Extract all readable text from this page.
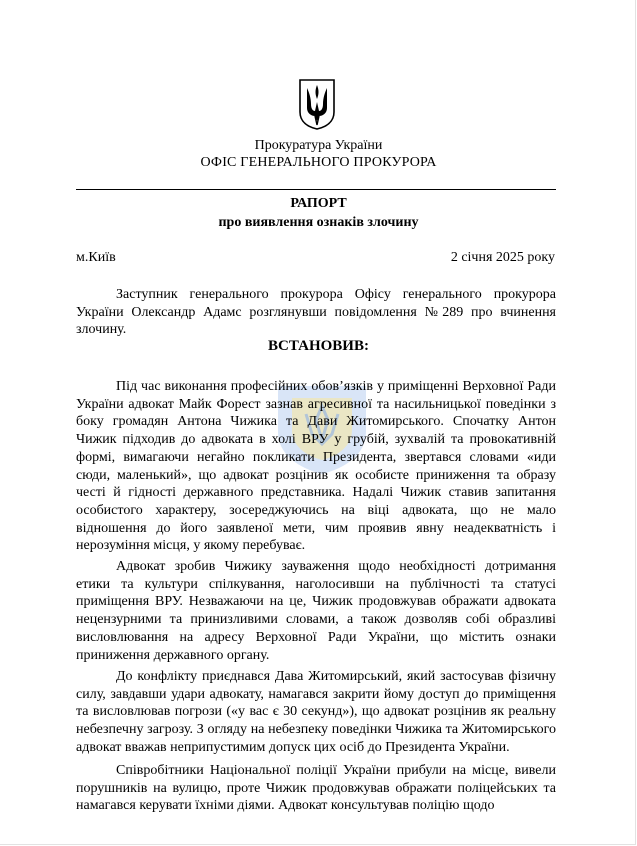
Прокуратура України
ОФІС ГЕНЕРАЛЬНОГО ПРОКУРОРА
РАПОРТ
про виявлення ознаків злочину
м.Київ	2 січня 2025 року

Заступник генерального прокурора Офісу генерального прокурора України Олександр Адамс розглянувши повідомлення №289 про вчинення злочину.

ВСТАНОВИВ:

Під час виконання професійних обов’язків у приміщенні Верховної Ради України адвокат Майк Форест зазнав агресивної та насильницької поведінки з боку громадян Антона Чижика та Дави Житомирського. Спочатку Антон Чижик підходив до адвоката в холі ВРУ у грубій, зухвалій та провокативній формі, вимагаючи негайно покликати Президента, звертався словами «иди сюди, маленький», що адвокат розцінив як особисте приниження та образу честі й гідності державного представника. Надалі Чижик ставив запитання особистого характеру, зосереджуючись на віці адвоката, що не мало відношення до його заявленої мети, чим проявив явну неадекватність і нерозуміння місця, у якому перебуває.

Адвокат зробив Чижику зауваження щодо необхідності дотримання етики та культури спілкування, наголосивши на публічності та статусі приміщення ВРУ. Незважаючи на це, Чижик продовжував ображати адвоката нецензурними та принизливими словами, а також дозволяв собі образливі висловлювання на адресу Верховної Ради України, що містить ознаки приниження державного органу.

До конфлікту приєднався Дава Житомирський, який застосував фізичну силу, завдавши удари адвокату, намагався закрити йому доступ до приміщення та висловлював погрози («у вас є 30 секунд»), що адвокат розцінив як реальну небезпечну загрозу. З огляду на небезпеку поведінки Чижика та Житомирського адвокат вважав неприпустимим допуск цих осіб до Президента України.

Співробітники Національної поліції України прибули на місце, вивели порушників на вулицю, проте Чижик продовжував ображати поліцейських та намагався керувати їхніми діями. Адвокат консультував поліцію щодо
